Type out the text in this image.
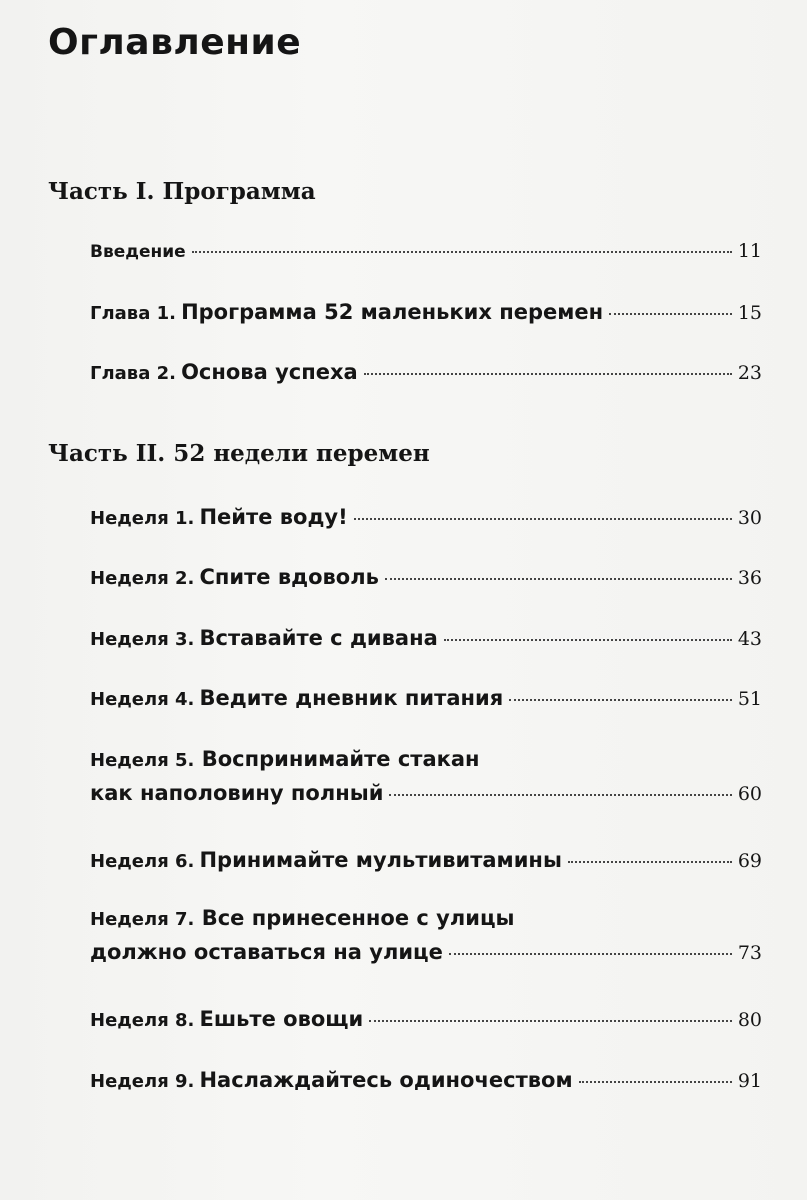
Оглавление
Часть I. Программа
Введение	11
Глава 1. Программа 52 маленьких перемен	15
Глава 2. Основа успеха	23
Часть II. 52 недели перемен
Неделя 1. Пейте воду!	30
Неделя 2. Спите вдоволь	36
Неделя 3. Вставайте с дивана	43
Неделя 4. Ведите дневник питания	51
Неделя 5. Воспринимайте стакан
как наполовину полный	60
Неделя 6. Принимайте мультивитамины	69
Неделя 7. Все принесенное с улицы
должно оставаться на улице	73
Неделя 8. Ешьте овощи	80
Неделя 9. Наслаждайтесь одиночеством	91
